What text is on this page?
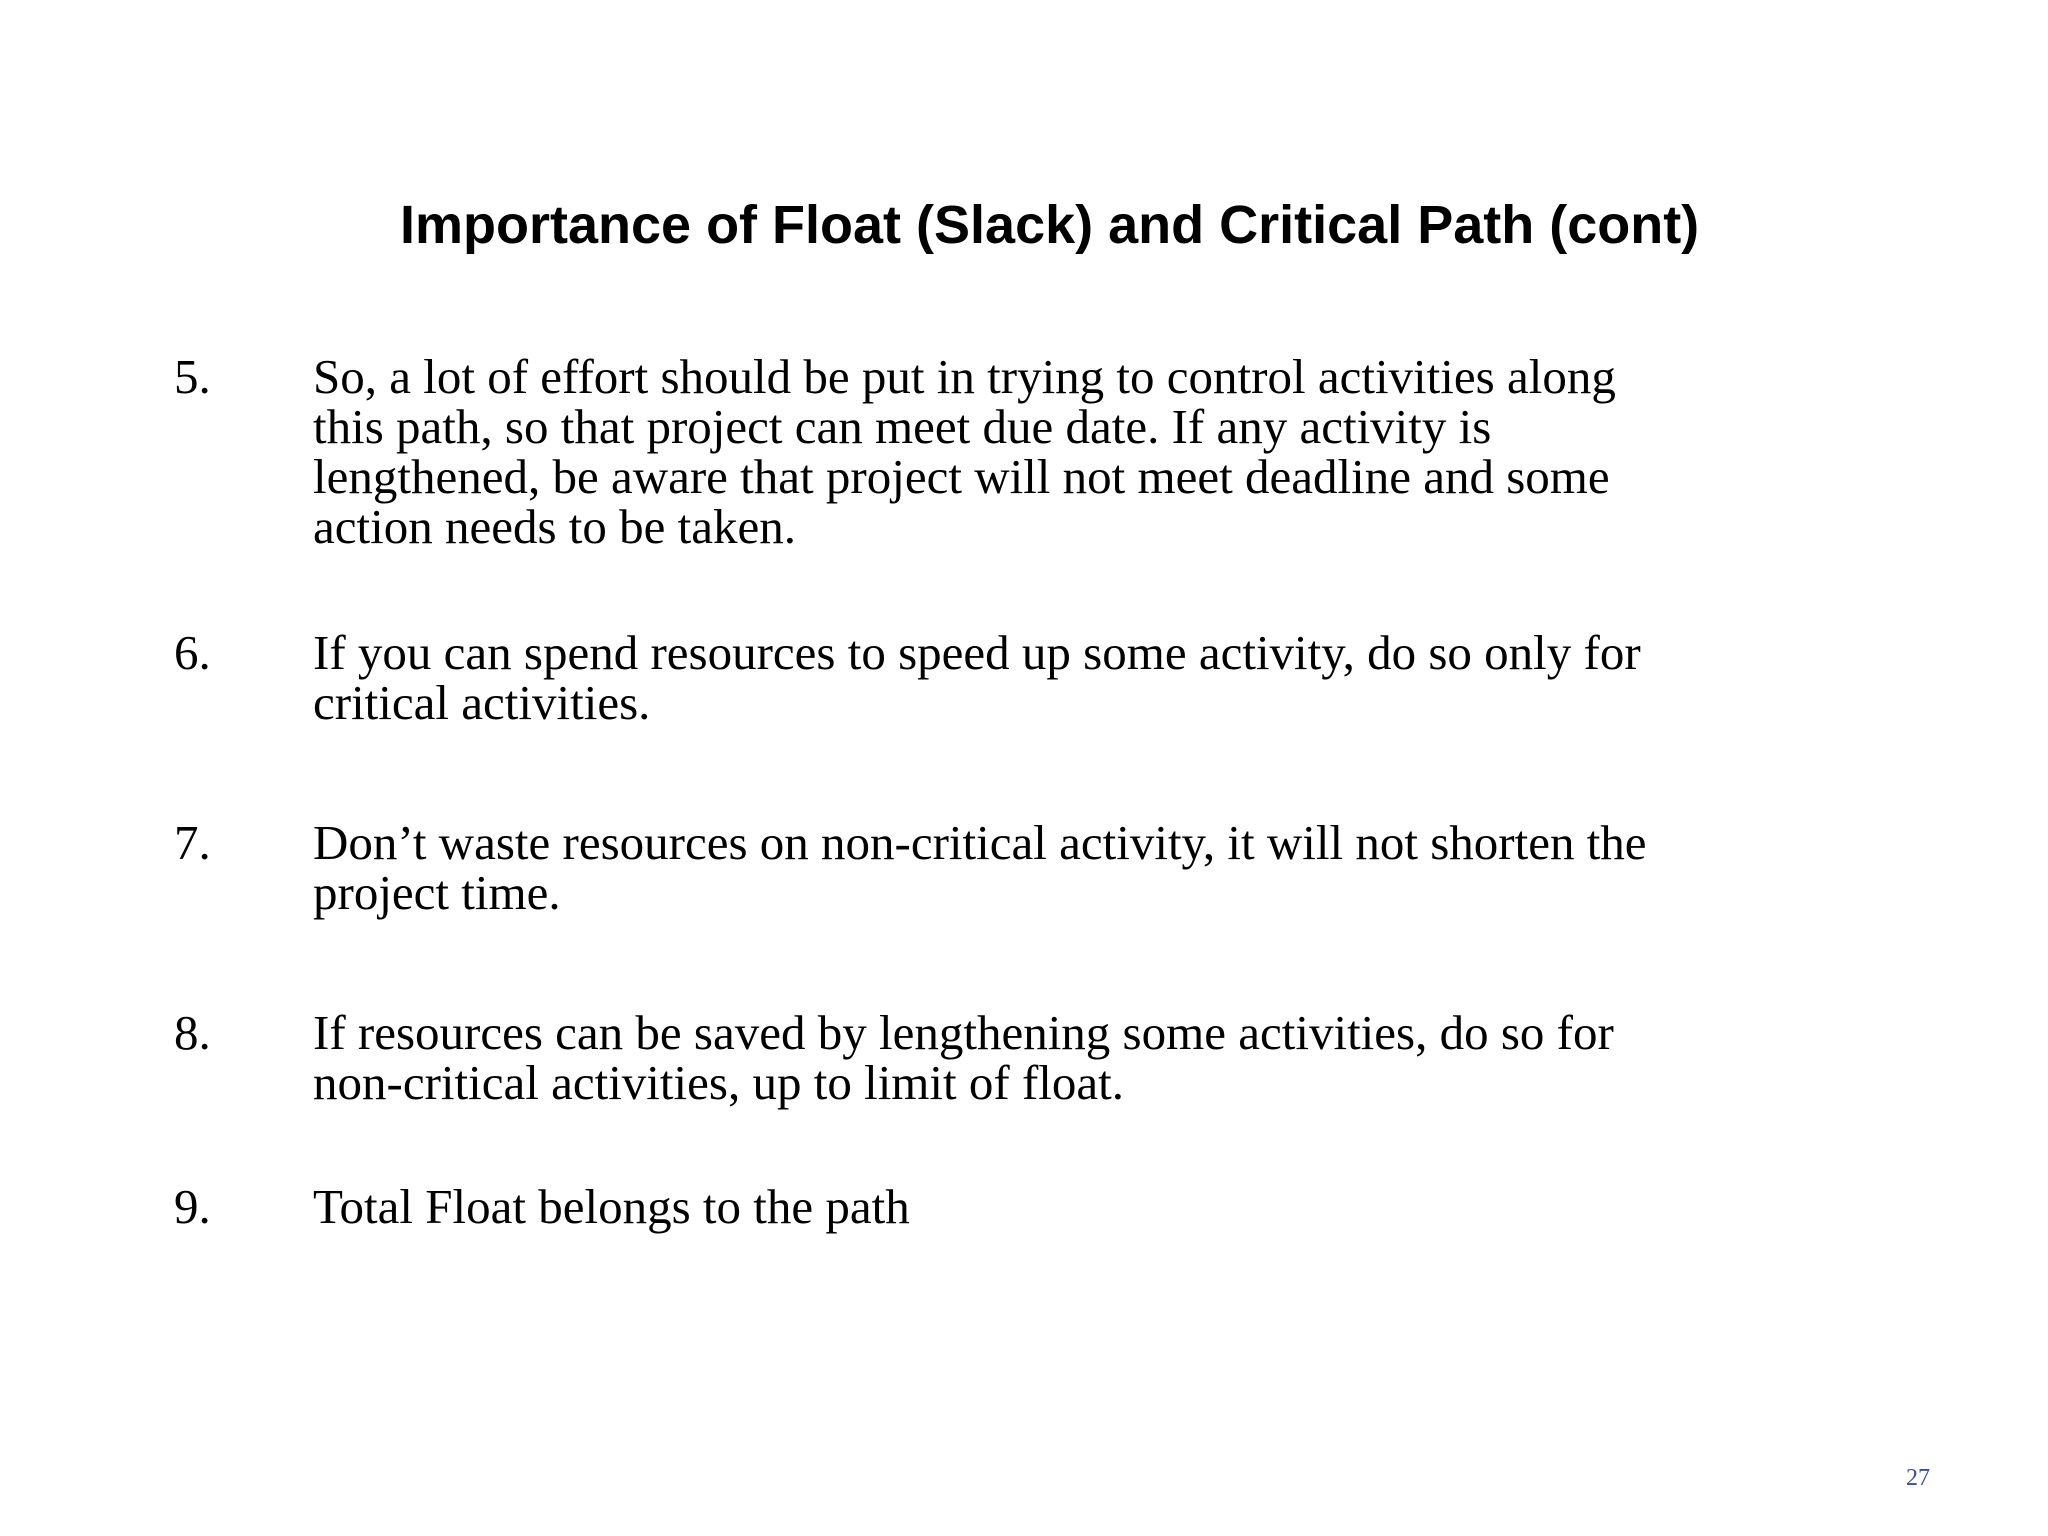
Importance of Float (Slack) and Critical Path (cont)
5. So, a lot of effort should be put in trying to control activities along
this path, so that project can meet due date. If any activity is
lengthened, be aware that project will not meet deadline and some
action needs to be taken.
6. If you can spend resources to speed up some activity, do so only for
critical activities.
7. Don’t waste resources on non-critical activity, it will not shorten the
project time.
8. If resources can be saved by lengthening some activities, do so for
non-critical activities, up to limit of float.
9. Total Float belongs to the path
27
